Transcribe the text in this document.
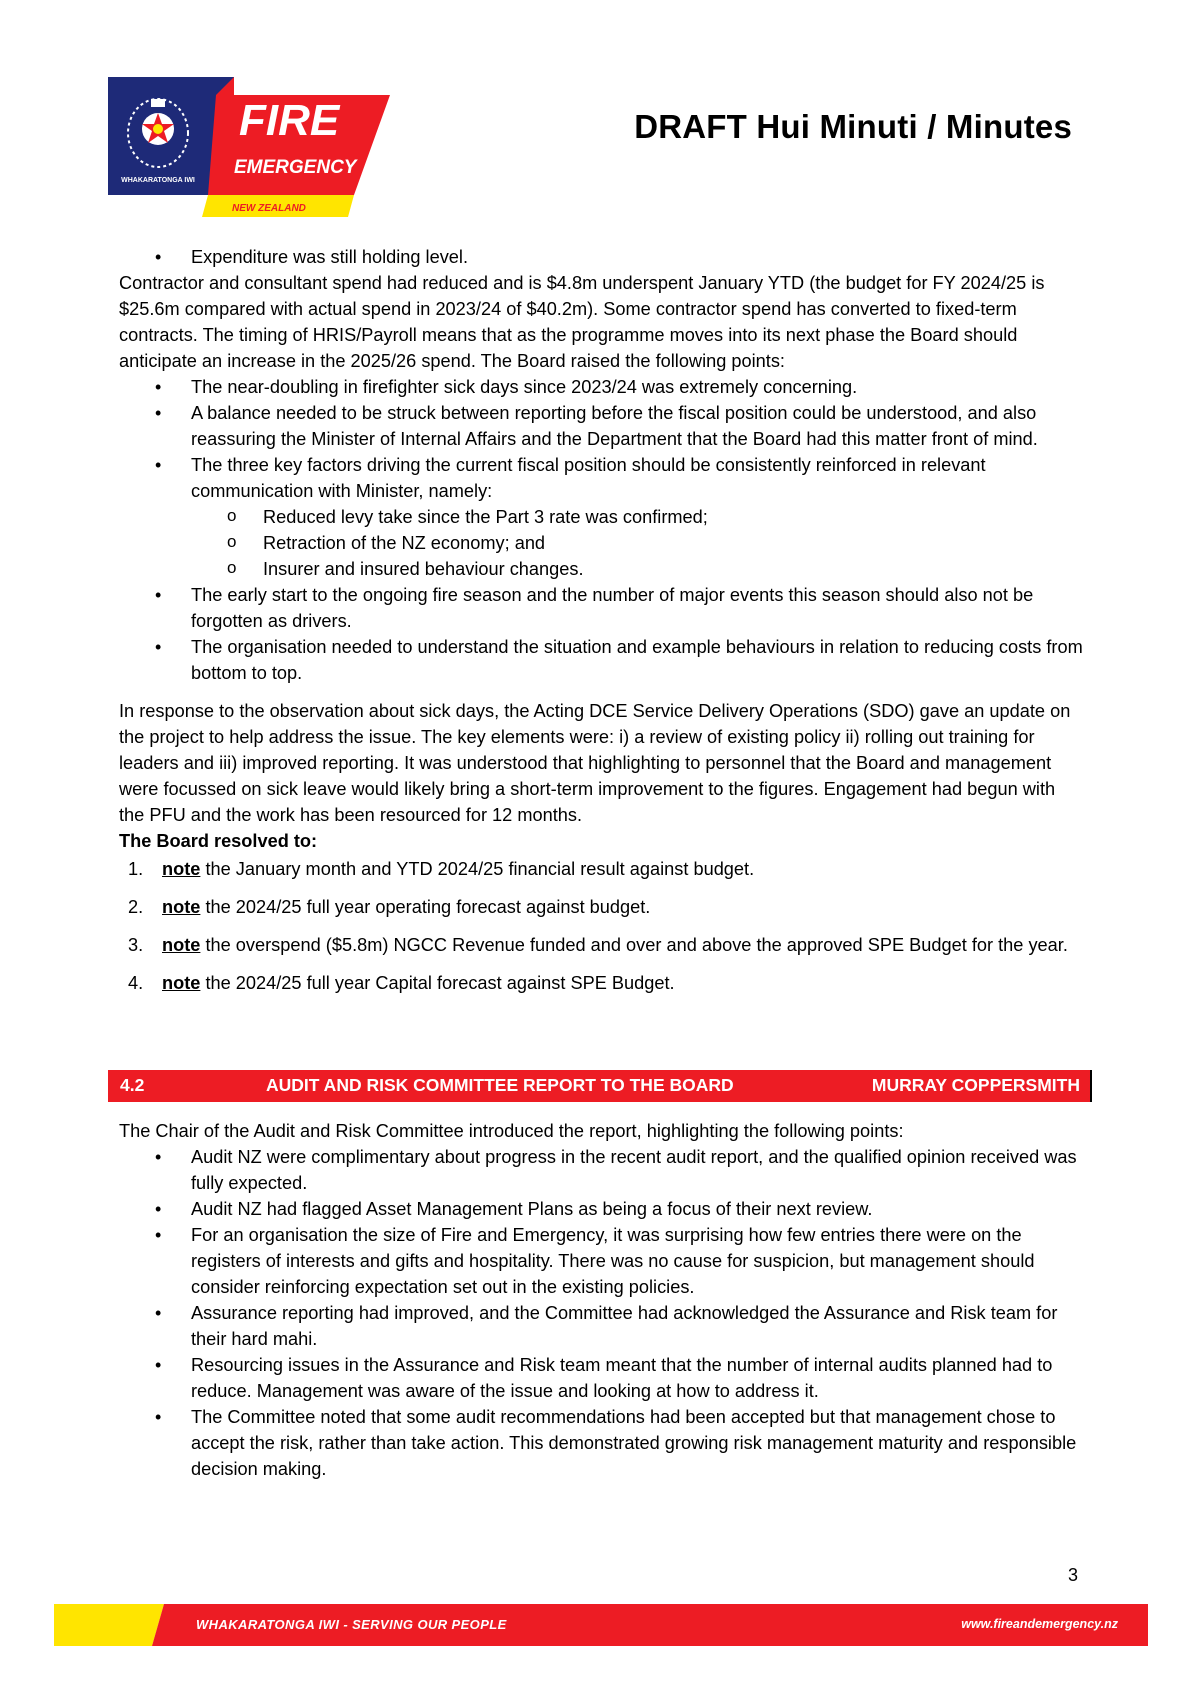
WHAKARATONGA IWI
FIRE
EMERGENCY
NEW ZEALAND
DRAFT Hui Minuti / Minutes
• Expenditure was still holding level.

Contractor and consultant spend had reduced and is $4.8m underspent January YTD (the budget for FY 2024/25 is $25.6m compared with actual spend in 2023/24 of $40.2m). Some contractor spend has converted to fixed-term contracts. The timing of HRIS/Payroll means that as the programme moves into its next phase the Board should anticipate an increase in the 2025/26 spend. The Board raised the following points:

• The near-doubling in firefighter sick days since 2023/24 was extremely concerning.
• A balance needed to be struck between reporting before the fiscal position could be understood, and also reassuring the Minister of Internal Affairs and the Department that the Board had this matter front of mind.
• The three key factors driving the current fiscal position should be consistently reinforced in relevant communication with Minister, namely:
o Reduced levy take since the Part 3 rate was confirmed;
o Retraction of the NZ economy; and
o Insurer and insured behaviour changes.
• The early start to the ongoing fire season and the number of major events this season should also not be forgotten as drivers.
• The organisation needed to understand the situation and example behaviours in relation to reducing costs from bottom to top.

In response to the observation about sick days, the Acting DCE Service Delivery Operations (SDO) gave an update on the project to help address the issue. The key elements were: i) a review of existing policy ii) rolling out training for leaders and iii) improved reporting. It was understood that highlighting to personnel that the Board and management were focussed on sick leave would likely bring a short-term improvement to the figures. Engagement had begun with the PFU and the work has been resourced for 12 months.

The Board resolved to:

1. note the January month and YTD 2024/25 financial result against budget.
2. note the 2024/25 full year operating forecast against budget.
3. note the overspend ($5.8m) NGCC Revenue funded and over and above the approved SPE Budget for the year.
4. note the 2024/25 full year Capital forecast against SPE Budget.
4.2	AUDIT AND RISK COMMITTEE REPORT TO THE BOARD	MURRAY COPPERSMITH

The Chair of the Audit and Risk Committee introduced the report, highlighting the following points:

• Audit NZ were complimentary about progress in the recent audit report, and the qualified opinion received was fully expected.
• Audit NZ had flagged Asset Management Plans as being a focus of their next review.
• For an organisation the size of Fire and Emergency, it was surprising how few entries there were on the registers of interests and gifts and hospitality. There was no cause for suspicion, but management should consider reinforcing expectation set out in the existing policies.
• Assurance reporting had improved, and the Committee had acknowledged the Assurance and Risk team for their hard mahi.
• Resourcing issues in the Assurance and Risk team meant that the number of internal audits planned had to reduce. Management was aware of the issue and looking at how to address it.
• The Committee noted that some audit recommendations had been accepted but that management chose to accept the risk, rather than take action. This demonstrated growing risk management maturity and responsible decision making.
3
WHAKARATONGA IWI - SERVING OUR PEOPLE	www.fireandemergency.nz
